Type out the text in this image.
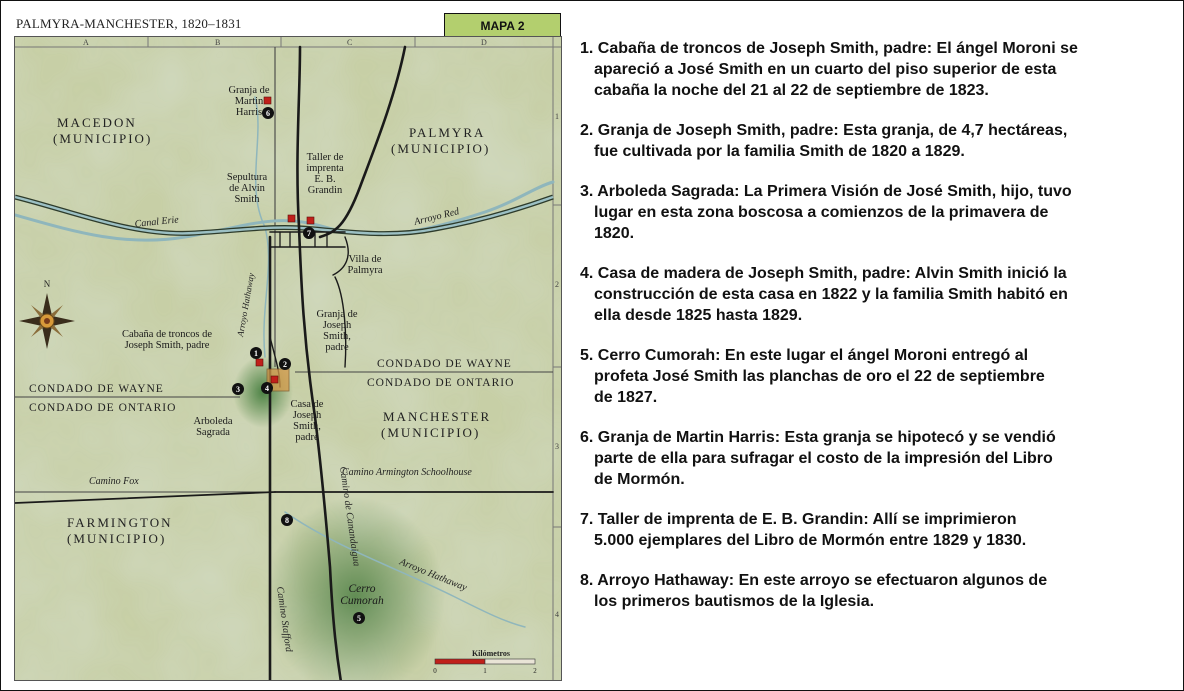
PALMYRA-MANCHESTER, 1820–1831	MAPA 2
A	B	C	D
1
2
3
4
MACEDON
(MUNICIPIO)	PALMYRA
(MUNICIPIO)
MANCHESTER
(MUNICIPIO)
FARMINGTON
(MUNICIPIO)
CONDADO DE WAYNE
CONDADO DE ONTARIO
CONDADO DE WAYNE
CONDADO DE ONTARIO
Granja de
Martin
Harris
Taller de
imprenta
E. B.
Grandin
Sepultura
de Alvin
Smith
Villa de
Palmyra
Granja de
Joseph
Smith,
padre
Cabaña de troncos de
Joseph Smith, padre
Arboleda
Sagrada
Casa de
Joseph
Smith,
padre
Cerro
Cumorah
Canal Erie	Arroyo Red
Arroyo Hathaway
Camino Fox
Camino Armington Schoolhouse
Camino de Canandaigua
Arroyo Hathaway
Camino Stafford
1
2
3	4
5
6
7
8
N
Kilómetros
0	1	2
1. Cabaña de troncos de Joseph Smith, padre: El ángel Moroni se
apareció a José Smith en un cuarto del piso superior de esta
cabaña la noche del 21 al 22 de septiembre de 1823.
2. Granja de Joseph Smith, padre: Esta granja, de 4,7 hectáreas,
fue cultivada por la familia Smith de 1820 a 1829.
3. Arboleda Sagrada: La Primera Visión de José Smith, hijo, tuvo
lugar en esta zona boscosa a comienzos de la primavera de
1820.
4. Casa de madera de Joseph Smith, padre: Alvin Smith inició la
construcción de esta casa en 1822 y la familia Smith habitó en
ella desde 1825 hasta 1829.
5. Cerro Cumorah: En este lugar el ángel Moroni entregó al
profeta José Smith las planchas de oro el 22 de septiembre
de 1827.
6. Granja de Martin Harris: Esta granja se hipotecó y se vendió
parte de ella para sufragar el costo de la impresión del Libro
de Mormón.
7. Taller de imprenta de E. B. Grandin: Allí se imprimieron
5.000 ejemplares del Libro de Mormón entre 1829 y 1830.
8. Arroyo Hathaway: En este arroyo se efectuaron algunos de
los primeros bautismos de la Iglesia.
